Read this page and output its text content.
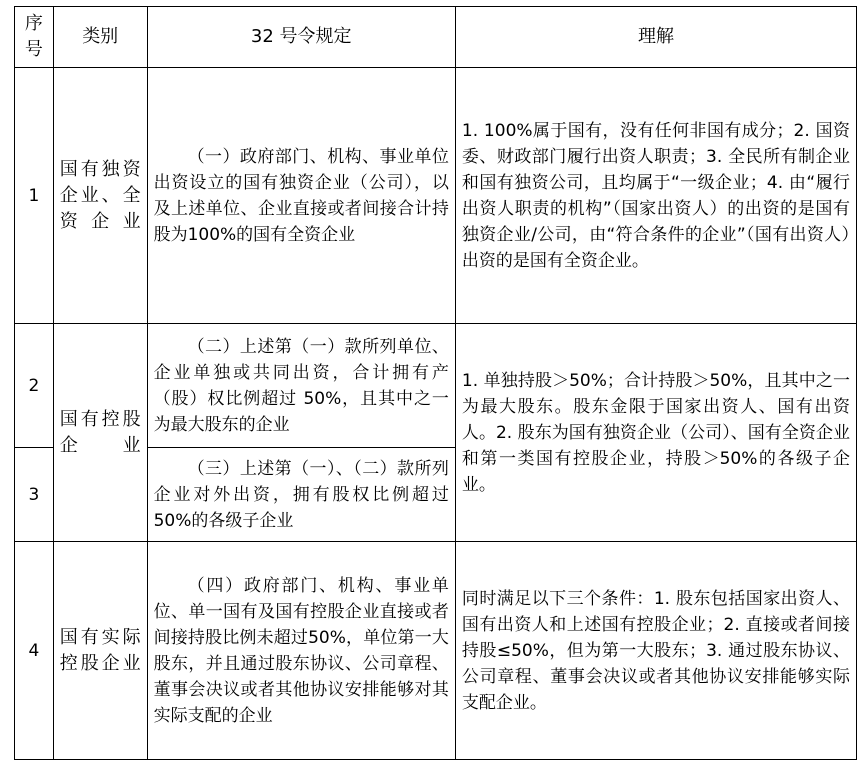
序号	类别	32 号令规定	理解
1	国有独资企业、全资企业	（一）政府部门、机构、事业单位出资设立的国有独资企业（公司），以及上述单位、企业直接或者间接合计持股为100%的国有全资企业	1. 100%属于国有，没有任何非国有成分；2. 国资委、财政部门履行出资人职责；3. 全民所有制企业和国有独资公司，且均属于“一级企业；4. 由“履行出资人职责的机构”（国家出资人）的出资的是国有独资企业/公司，由“符合条件的企业”（国有出资人）出资的是国有全资企业。
2	国有控股企业	（二）上述第（一）款所列单位、企业单独或共同出资，合计拥有产（股）权比例超过 50%，且其中之一为最大股东的企业	1. 单独持股＞50%；合计持股＞50%，且其中之一为最大股东。股东金限于国家出资人、国有出资人。2. 股东为国有独资企业（公司）、国有全资企业和第一类国有控股企业，持股＞50%的各级子企业。
3		（三）上述第（一）、（二）款所列企业对外出资，拥有股权比例超过 50%的各级子企业	
4	国有实际控股企业	（四）政府部门、机构、事业单位、单一国有及国有控股企业直接或者间接持股比例未超过50%，单位第一大股东，并且通过股东协议、公司章程、董事会决议或者其他协议安排能够对其实际支配的企业	同时满足以下三个条件：1. 股东包括国家出资人、国有出资人和上述国有控股企业；2. 直接或者间接持股≤50%，但为第一大股东；3. 通过股东协议、公司章程、董事会决议或者其他协议安排能够实际支配企业。
